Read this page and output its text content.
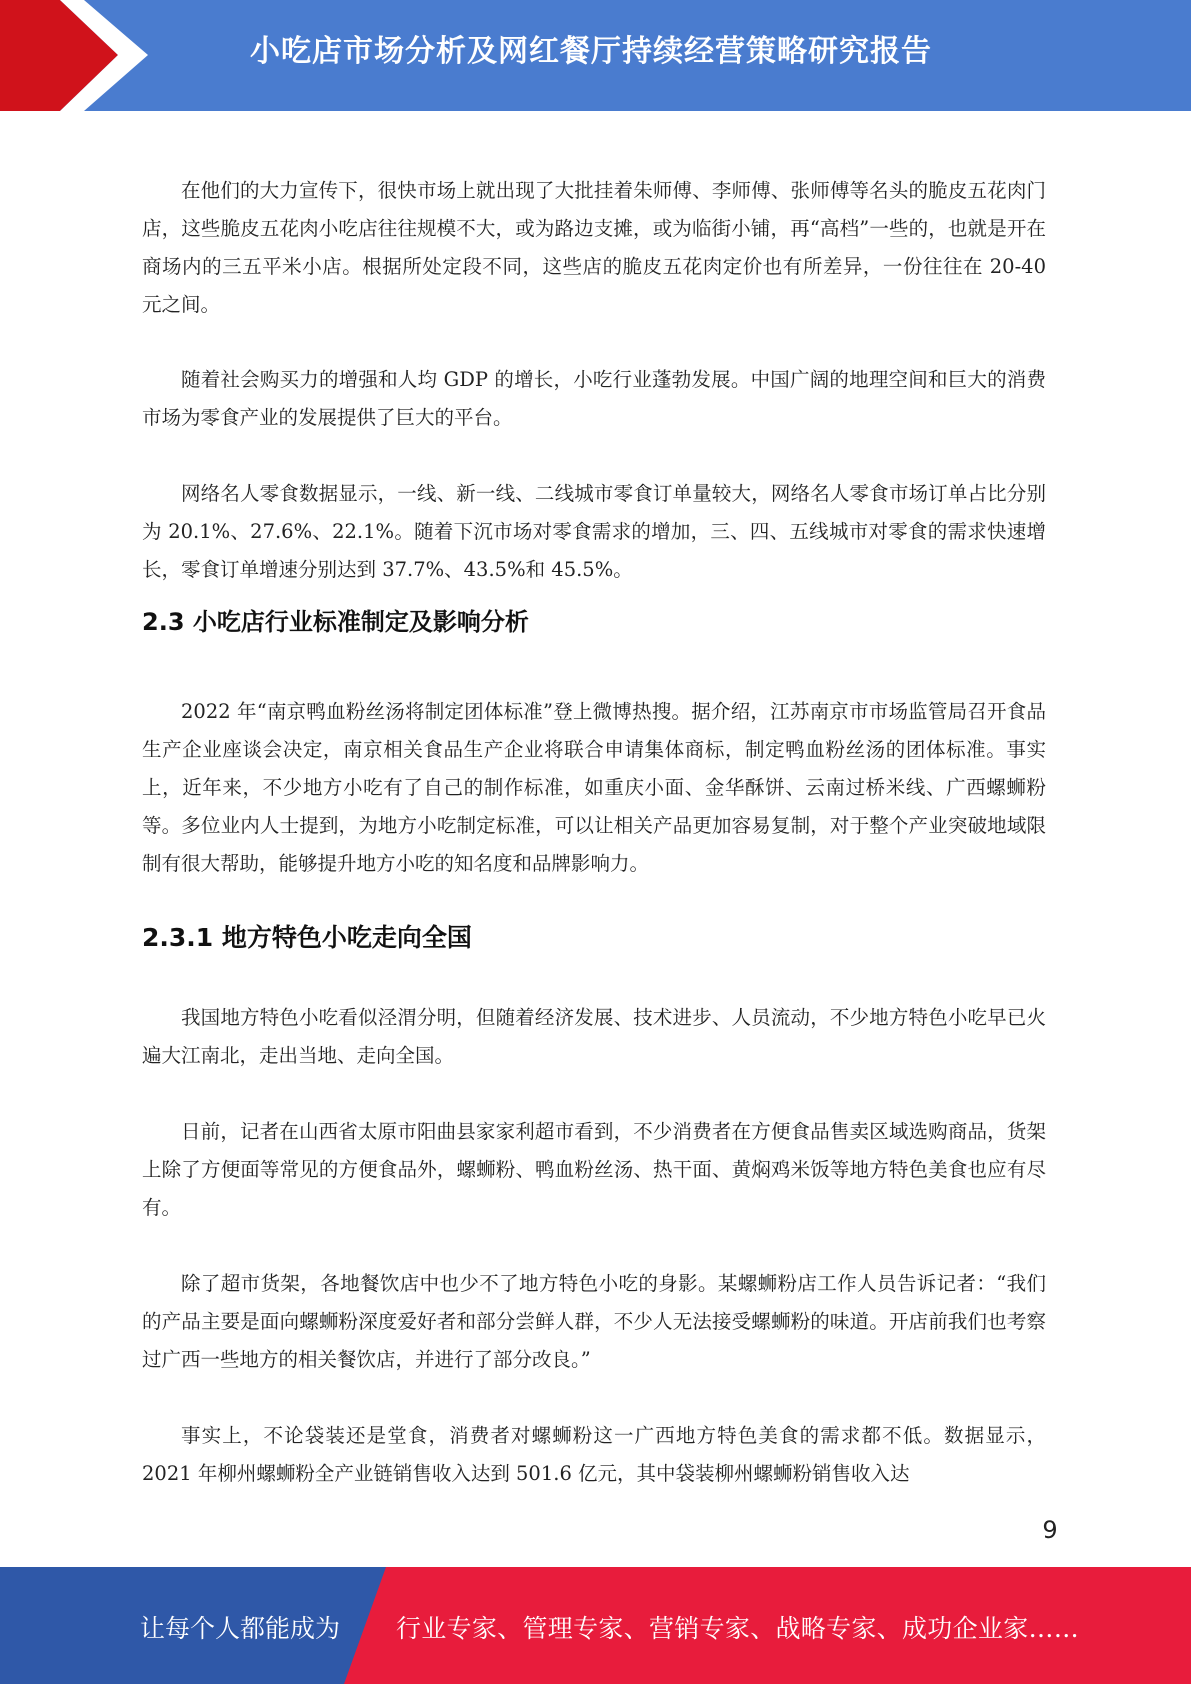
小吃店市场分析及网红餐厅持续经营策略研究报告

在他们的大力宣传下，很快市场上就出现了大批挂着朱师傅、李师傅、张师傅等名头的脆皮五花肉门店，这些脆皮五花肉小吃店往往规模不大，或为路边支摊，或为临街小铺，再“高档”一些的，也就是开在商场内的三五平米小店。根据所处定段不同，这些店的脆皮五花肉定价也有所差异，一份往往在 20-40 元之间。

随着社会购买力的增强和人均 GDP 的增长，小吃行业蓬勃发展。中国广阔的地理空间和巨大的消费市场为零食产业的发展提供了巨大的平台。

网络名人零食数据显示，一线、新一线、二线城市零食订单量较大，网络名人零食市场订单占比分别为 20.1%、27.6%、22.1%。随着下沉市场对零食需求的增加，三、四、五线城市对零食的需求快速增长，零食订单增速分别达到 37.7%、43.5%和 45.5%。

2.3 小吃店行业标准制定及影响分析

2022 年“南京鸭血粉丝汤将制定团体标准”登上微博热搜。据介绍，江苏南京市市场监管局召开食品生产企业座谈会决定，南京相关食品生产企业将联合申请集体商标，制定鸭血粉丝汤的团体标准。事实上，近年来，不少地方小吃有了自己的制作标准，如重庆小面、金华酥饼、云南过桥米线、广西螺蛳粉等。多位业内人士提到，为地方小吃制定标准，可以让相关产品更加容易复制，对于整个产业突破地域限制有很大帮助，能够提升地方小吃的知名度和品牌影响力。

2.3.1 地方特色小吃走向全国

我国地方特色小吃看似泾渭分明，但随着经济发展、技术进步、人员流动，不少地方特色小吃早已火遍大江南北，走出当地、走向全国。

日前，记者在山西省太原市阳曲县家家利超市看到，不少消费者在方便食品售卖区域选购商品，货架上除了方便面等常见的方便食品外，螺蛳粉、鸭血粉丝汤、热干面、黄焖鸡米饭等地方特色美食也应有尽有。

除了超市货架，各地餐饮店中也少不了地方特色小吃的身影。某螺蛳粉店工作人员告诉记者：“我们的产品主要是面向螺蛳粉深度爱好者和部分尝鲜人群，不少人无法接受螺蛳粉的味道。开店前我们也考察过广西一些地方的相关餐饮店，并进行了部分改良。”

事实上，不论袋装还是堂食，消费者对螺蛳粉这一广西地方特色美食的需求都不低。数据显示，2021 年柳州螺蛳粉全产业链销售收入达到 501.6 亿元，其中袋装柳州螺蛳粉销售收入达

9
让每个人都能成为 行业专家、管理专家、营销专家、战略专家、成功企业家……
